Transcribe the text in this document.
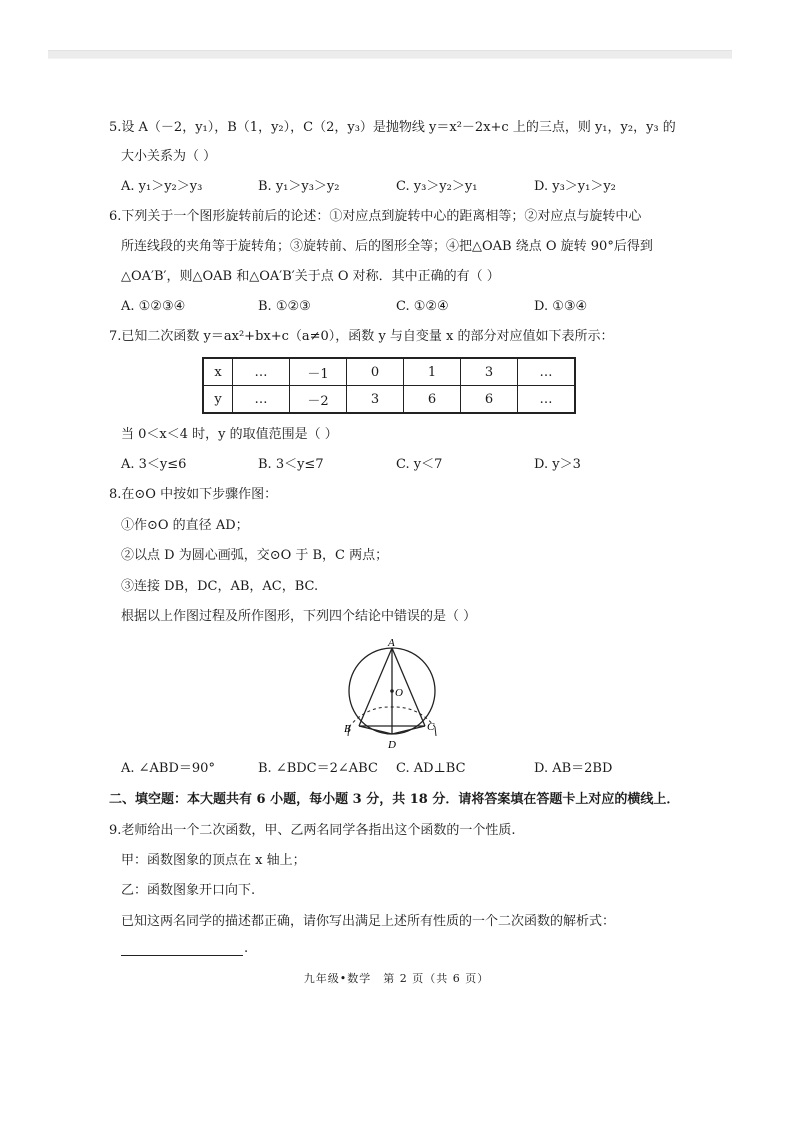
5.设 A（－2，y₁），B（1，y₂），C（2，y₃）是抛物线 y＝x²－2x+c 上的三点，则 y₁，y₂，y₃ 的
大小关系为（ ）
A. y₁＞y₂＞y₃	B. y₁＞y₃＞y₂	C. y₃＞y₂＞y₁	D. y₃＞y₁＞y₂
6.下列关于一个图形旋转前后的论述：①对应点到旋转中心的距离相等；②对应点与旋转中心
所连线段的夹角等于旋转角；③旋转前、后的图形全等；④把△OAB 绕点 O 旋转 90°后得到
△OA′B′，则△OAB 和△OA′B′关于点 O 对称．其中正确的有（ ）
A. ①②③④	B. ①②③	C. ①②④	D. ①③④
7.已知二次函数 y＝ax²+bx+c（a≠0），函数 y 与自变量 x 的部分对应值如下表所示：
x	…	－1	0	1	3	…
y	…	－2	3	6	6	…
当 0＜x＜4 时，y 的取值范围是（ ）
A. 3＜y≤6	B. 3＜y≤7	C. y＜7	D. y＞3
8.在⊙O 中按如下步骤作图：
①作⊙O 的直径 AD；
②以点 D 为圆心画弧，交⊙O 于 B，C 两点；
③连接 DB，DC，AB，AC，BC.
根据以上作图过程及所作图形，下列四个结论中错误的是（ ）
A
O
B	C
D
A. ∠ABD＝90°	B. ∠BDC＝2∠ABC C. AD⊥BC	D. AB＝2BD
二、填空题：本大题共有 6 小题，每小题 3 分，共 18 分．请将答案填在答题卡上对应的横线上．
9.老师给出一个二次函数，甲、乙两名同学各指出这个函数的一个性质.
甲：函数图象的顶点在 x 轴上；
乙：函数图象开口向下.
已知这两名同学的描述都正确，请你写出满足上述所有性质的一个二次函数的解析式：
.
九年级•数学　第 2 页（共 6 页）
